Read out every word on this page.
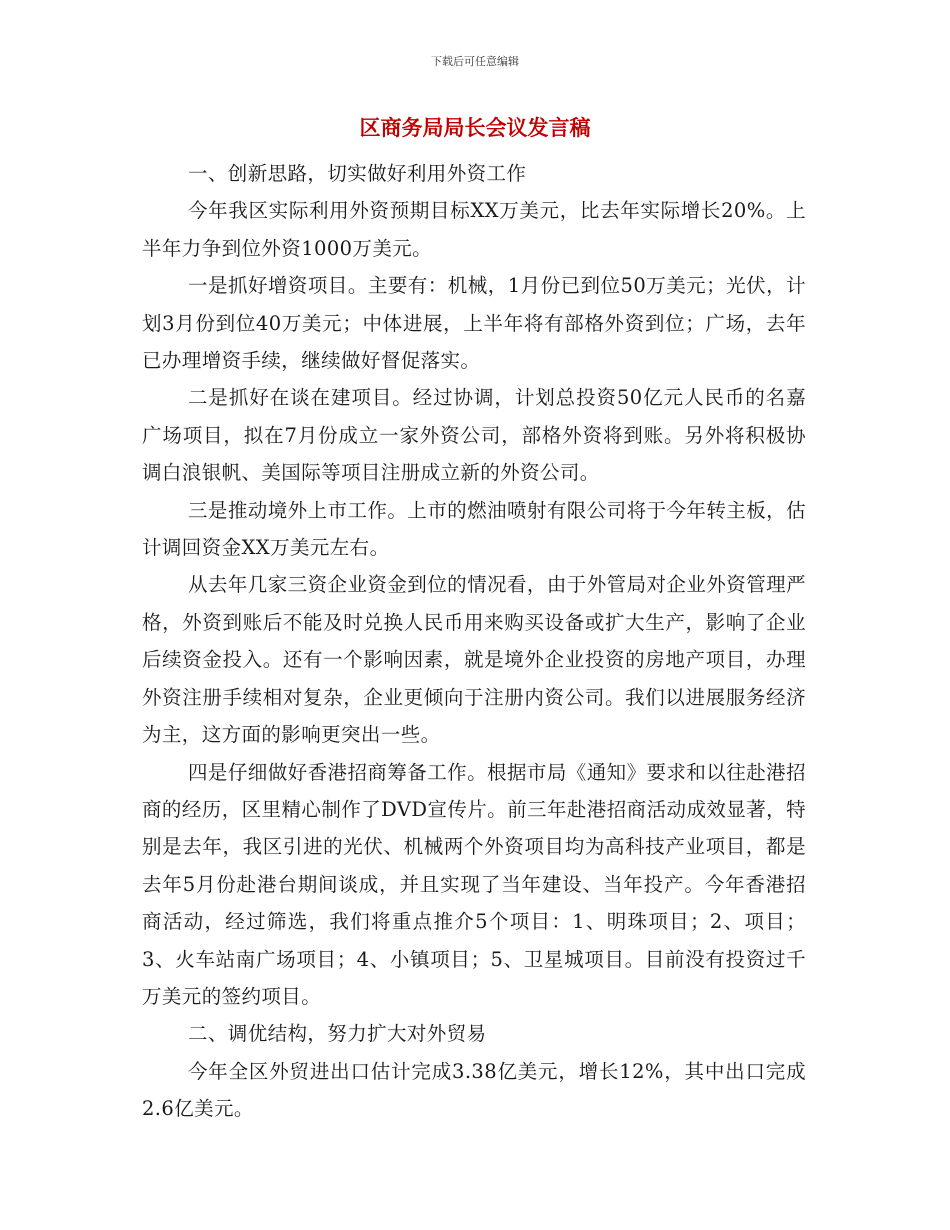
下载后可任意编辑
区商务局局长会议发言稿

一、创新思路，切实做好利用外资工作

今年我区实际利用外资预期目标XX万美元，比去年实际增长20%。上半年力争到位外资1000万美元。

一是抓好增资项目。主要有：机械，1月份已到位50万美元；光伏，计划3月份到位40万美元；中体进展，上半年将有部格外资到位；广场，去年已办理增资手续，继续做好督促落实。

二是抓好在谈在建项目。经过协调，计划总投资50亿元人民币的名嘉广场项目，拟在7月份成立一家外资公司，部格外资将到账。另外将积极协调白浪银帆、美国际等项目注册成立新的外资公司。

三是推动境外上市工作。上市的燃油喷射有限公司将于今年转主板，估计调回资金XX万美元左右。

从去年几家三资企业资金到位的情况看，由于外管局对企业外资管理严格，外资到账后不能及时兑换人民币用来购买设备或扩大生产，影响了企业后续资金投入。还有一个影响因素，就是境外企业投资的房地产项目，办理外资注册手续相对复杂，企业更倾向于注册内资公司。我们以进展服务经济为主，这方面的影响更突出一些。

四是仔细做好香港招商筹备工作。根据市局《通知》要求和以往赴港招商的经历，区里精心制作了DVD宣传片。前三年赴港招商活动成效显著，特别是去年，我区引进的光伏、机械两个外资项目均为高科技产业项目，都是去年5月份赴港台期间谈成，并且实现了当年建设、当年投产。今年香港招商活动，经过筛选，我们将重点推介5个项目：1、明珠项目；2、项目；3、火车站南广场项目；4、小镇项目；5、卫星城项目。目前没有投资过千万美元的签约项目。

二、调优结构，努力扩大对外贸易

今年全区外贸进出口估计完成3.38亿美元，增长12%，其中出口完成2.6亿美元。
